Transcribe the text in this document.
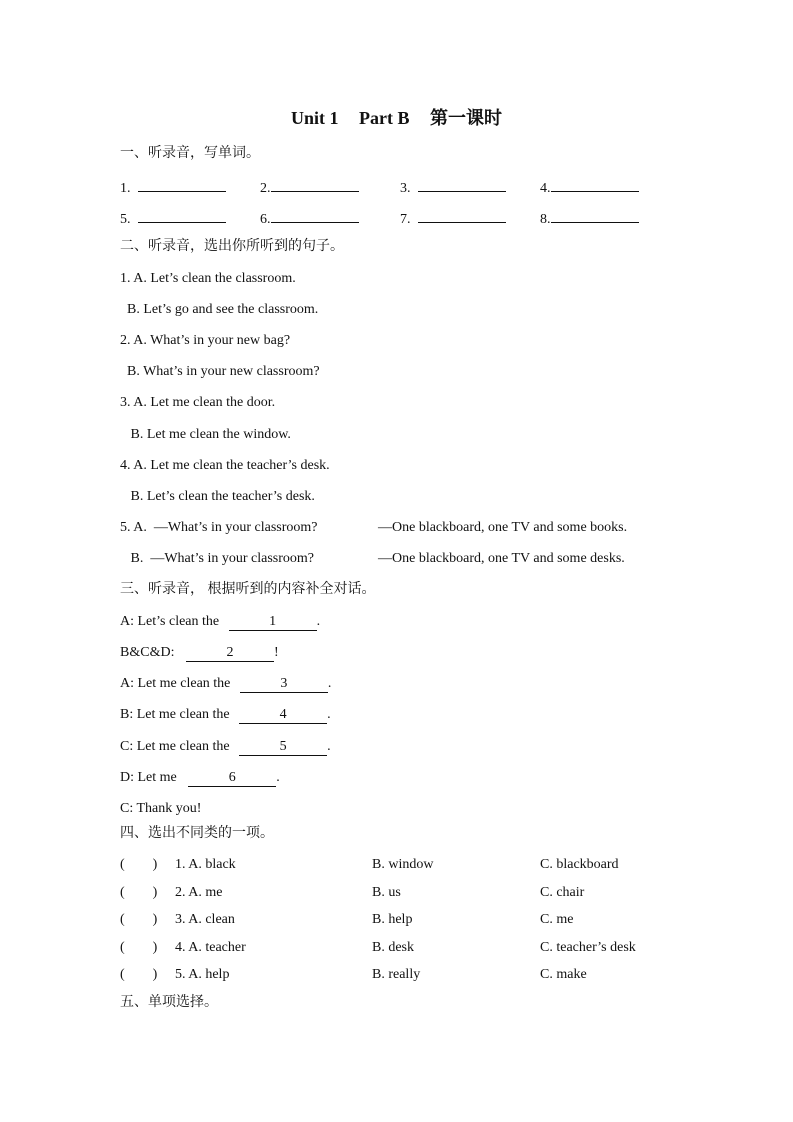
Unit 1 Part B 第一课时
一、听录音，写单词。
1.	2.	3.	4.
5.	6.	7.	8.
二、听录音，选出你所听到的句子。
1. A. Let’s clean the classroom.
B. Let’s go and see the classroom.
2. A. What’s in your new bag?
B. What’s in your new classroom?
3. A. Let me clean the door.
B. Let me clean the window.
4. A. Let me clean the teacher’s desk.
B. Let’s clean the teacher’s desk.
5. A.  —What’s in your classroom?	—One blackboard, one TV and some books.
B.  —What’s in your classroom?	—One blackboard, one TV and some desks.
三、听录音， 根据听到的内容补全对话。
A: Let’s clean the	1	.
B&C&D:	2	!
A: Let me clean the	3	.
B: Let me clean the	4	.
C: Let me clean the	5	.
D: Let me	6	.
C: Thank you!
四、选出不同类的一项。
(        ) 1. A. black	B. window	C. blackboard
(        ) 2. A. me	B. us	C. chair
(        ) 3. A. clean	B. help	C. me
(        ) 4. A. teacher	B. desk	C. teacher’s desk
(        ) 5. A. help	B. really	C. make
五、单项选择。
